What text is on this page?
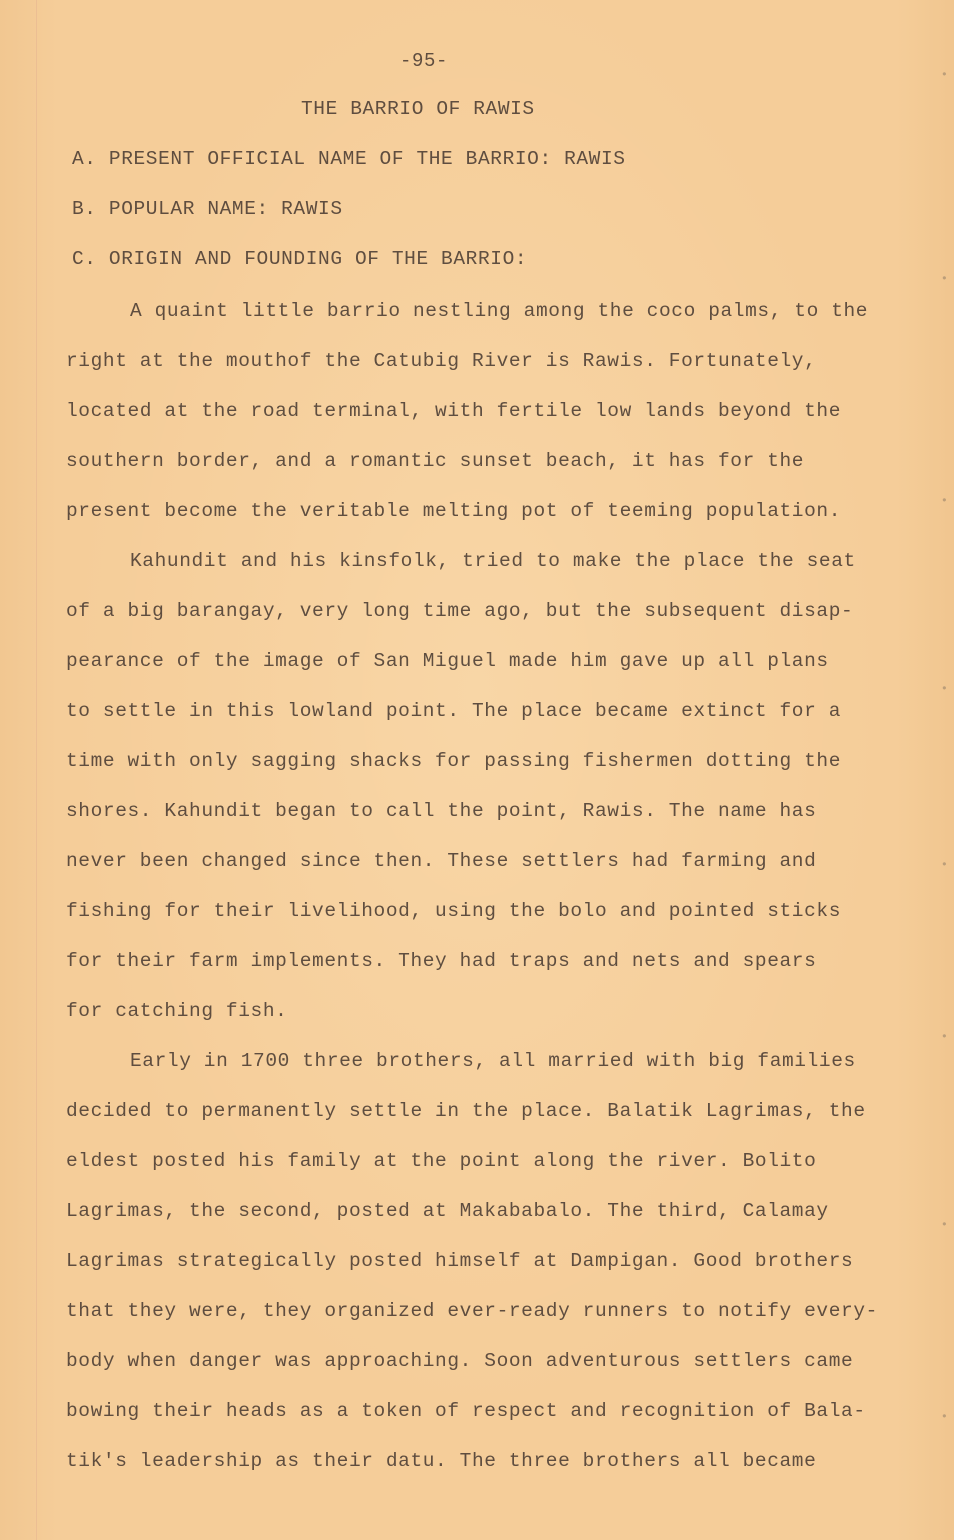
-95-
THE BARRIO OF RAWIS
A. PRESENT OFFICIAL NAME OF THE BARRIO: RAWIS
B. POPULAR NAME: RAWIS
C. ORIGIN AND FOUNDING OF THE BARRIO:
A quaint little barrio nestling among the coco palms, to the
right at the mouthof the Catubig River is Rawis. Fortunately,
located at the road terminal, with fertile low lands beyond the
southern border, and a romantic sunset beach, it has for the
present become the veritable melting pot of teeming population.
Kahundit and his kinsfolk, tried to make the place the seat
of a big barangay, very long time ago, but the subsequent disap-
pearance of the image of San Miguel made him gave up all plans
to settle in this lowland point. The place became extinct for a
time with only sagging shacks for passing fishermen dotting the
shores. Kahundit began to call the point, Rawis. The name has
never been changed since then. These settlers had farming and
fishing for their livelihood, using the bolo and pointed sticks
for their farm implements. They had traps and nets and spears
for catching fish.
Early in 1700 three brothers, all married with big families
decided to permanently settle in the place. Balatik Lagrimas, the
eldest posted his family at the point along the river. Bolito
Lagrimas, the second, posted at Makababalo. The third, Calamay
Lagrimas strategically posted himself at Dampigan. Good brothers
that they were, they organized ever-ready runners to notify every-
body when danger was approaching. Soon adventurous settlers came
bowing their heads as a token of respect and recognition of Bala-
tik's leadership as their datu. The three brothers all became
•
•
•
•
•
•
•
•
